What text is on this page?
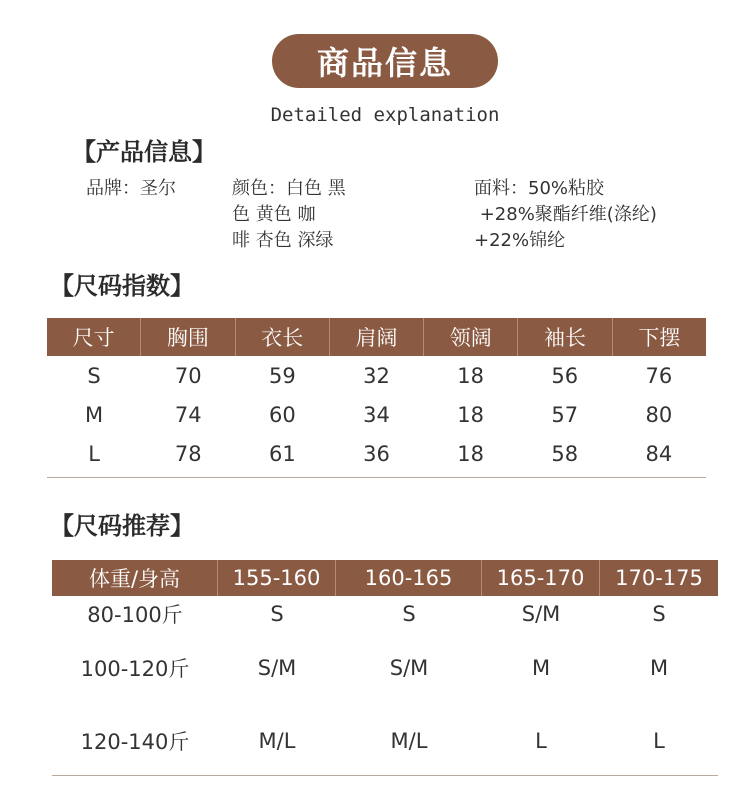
商品信息
Detailed explanation
【产品信息】
品牌：圣尔	颜色：白色 黑
色 黄色 咖
啡 杏色 深绿
面料：50%粘胶
+28%聚酯纤维(涤纶)
+22%锦纶
【尺码指数】
尺寸	胸围	衣长	肩阔	领阔	袖长	下摆
S	70	59	32	18	56	76
M	74	60	34	18	57	80
L	78	61	36	18	58	84
【尺码推荐】
体重/身高	155-160	160-165	165-170	170-175
80-100斤	S	S	S/M	S
100-120斤	S/M	S/M	M	M
120-140斤	M/L	M/L	L	L
